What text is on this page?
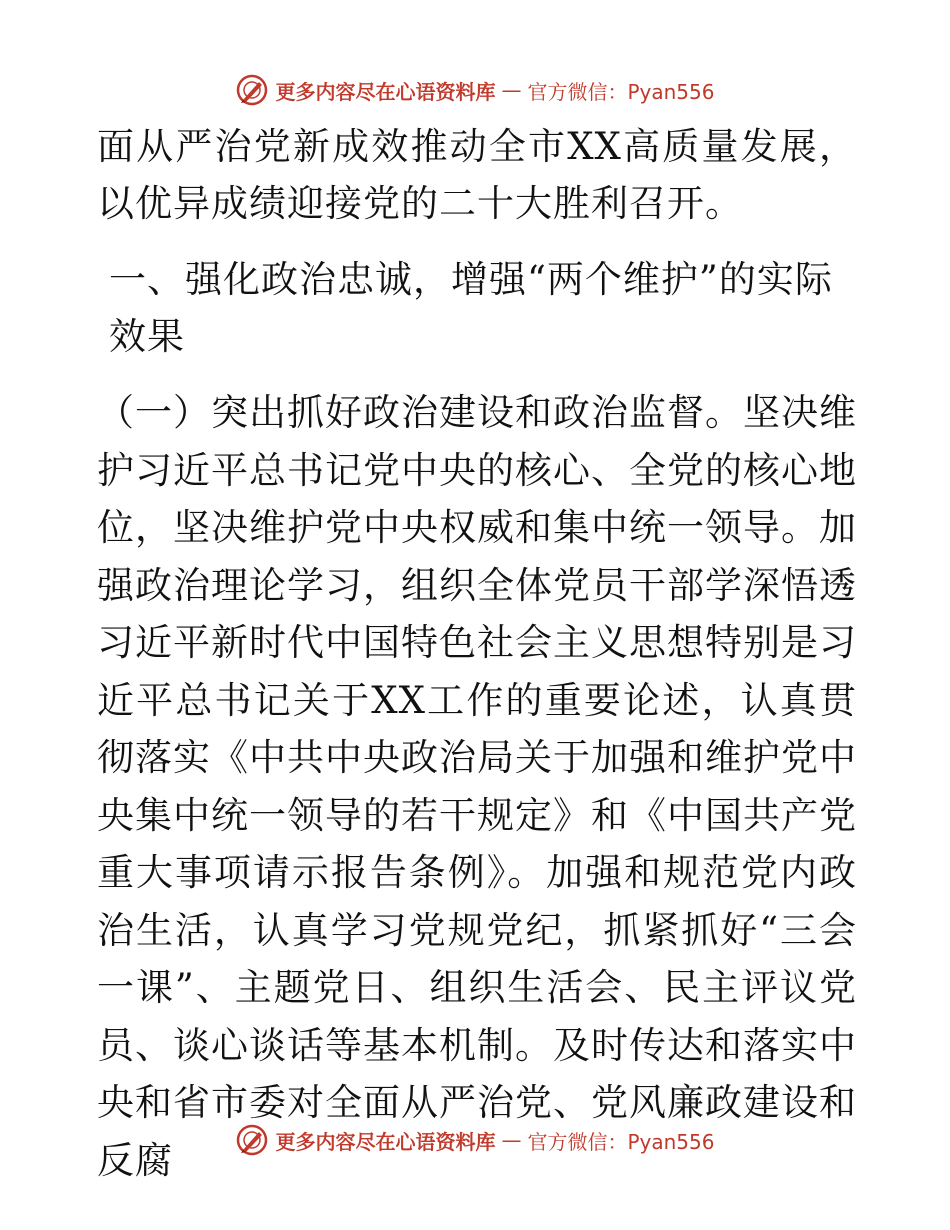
更多内容尽在心语资料库 — 官方微信：Pyan556

面从严治党新成效推动全市XX高质量发展，以优异成绩迎接党的二十大胜利召开。

一、强化政治忠诚，增强“两个维护”的实际效果

（一）突出抓好政治建设和政治监督。坚决维护习近平总书记党中央的核心、全党的核心地位，坚决维护党中央权威和集中统一领导。加强政治理论学习，组织全体党员干部学深悟透习近平新时代中国特色社会主义思想特别是习近平总书记关于XX工作的重要论述，认真贯彻落实《中共中央政治局关于加强和维护党中央集中统一领导的若干规定》和《中国共产党重大事项请示报告条例》。加强和规范党内政治生活，认真学习党规党纪，抓紧抓好“三会一课”、主题党日、组织生活会、民主评议党员、谈心谈话等基本机制。及时传达和落实中央和省市委对全面从严治党、党风廉政建设和反腐	更多内容尽在心语资料库 — 官方微信：Pyan556
